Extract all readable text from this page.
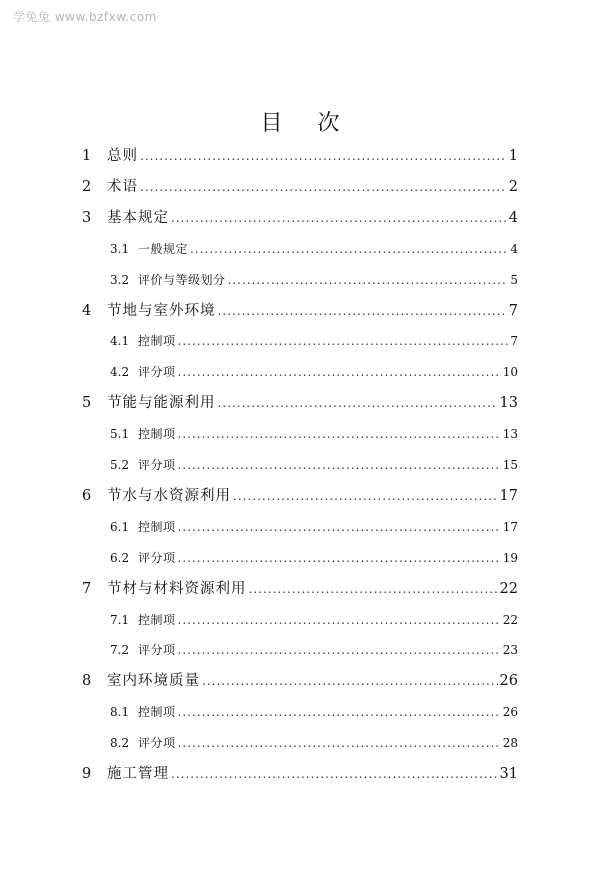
学兔兔 www.bzfxw.com
目 次
1	总则 .....	1
2	术语 .....	2
3	基本规定 .....	4
3.1 一般规定 .....	4
3.2 评价与等级划分 .....	5
4	节地与室外环境 .....	7
4.1 控制项 .....	7
4.2 评分项 .....	10
5	节能与能源利用 .....	13
5.1 控制项 .....	13
5.2 评分项 .....	15
6	节水与水资源利用 .....	17
6.1 控制项 .....	17
6.2 评分项 .....	19
7	节材与材料资源利用 .....	22
7.1 控制项 .....	22
7.2 评分项 .....	23
8	室内环境质量 .....	26
8.1 控制项 .....	26
8.2 评分项 .....	28
9	施工管理 .....	31
